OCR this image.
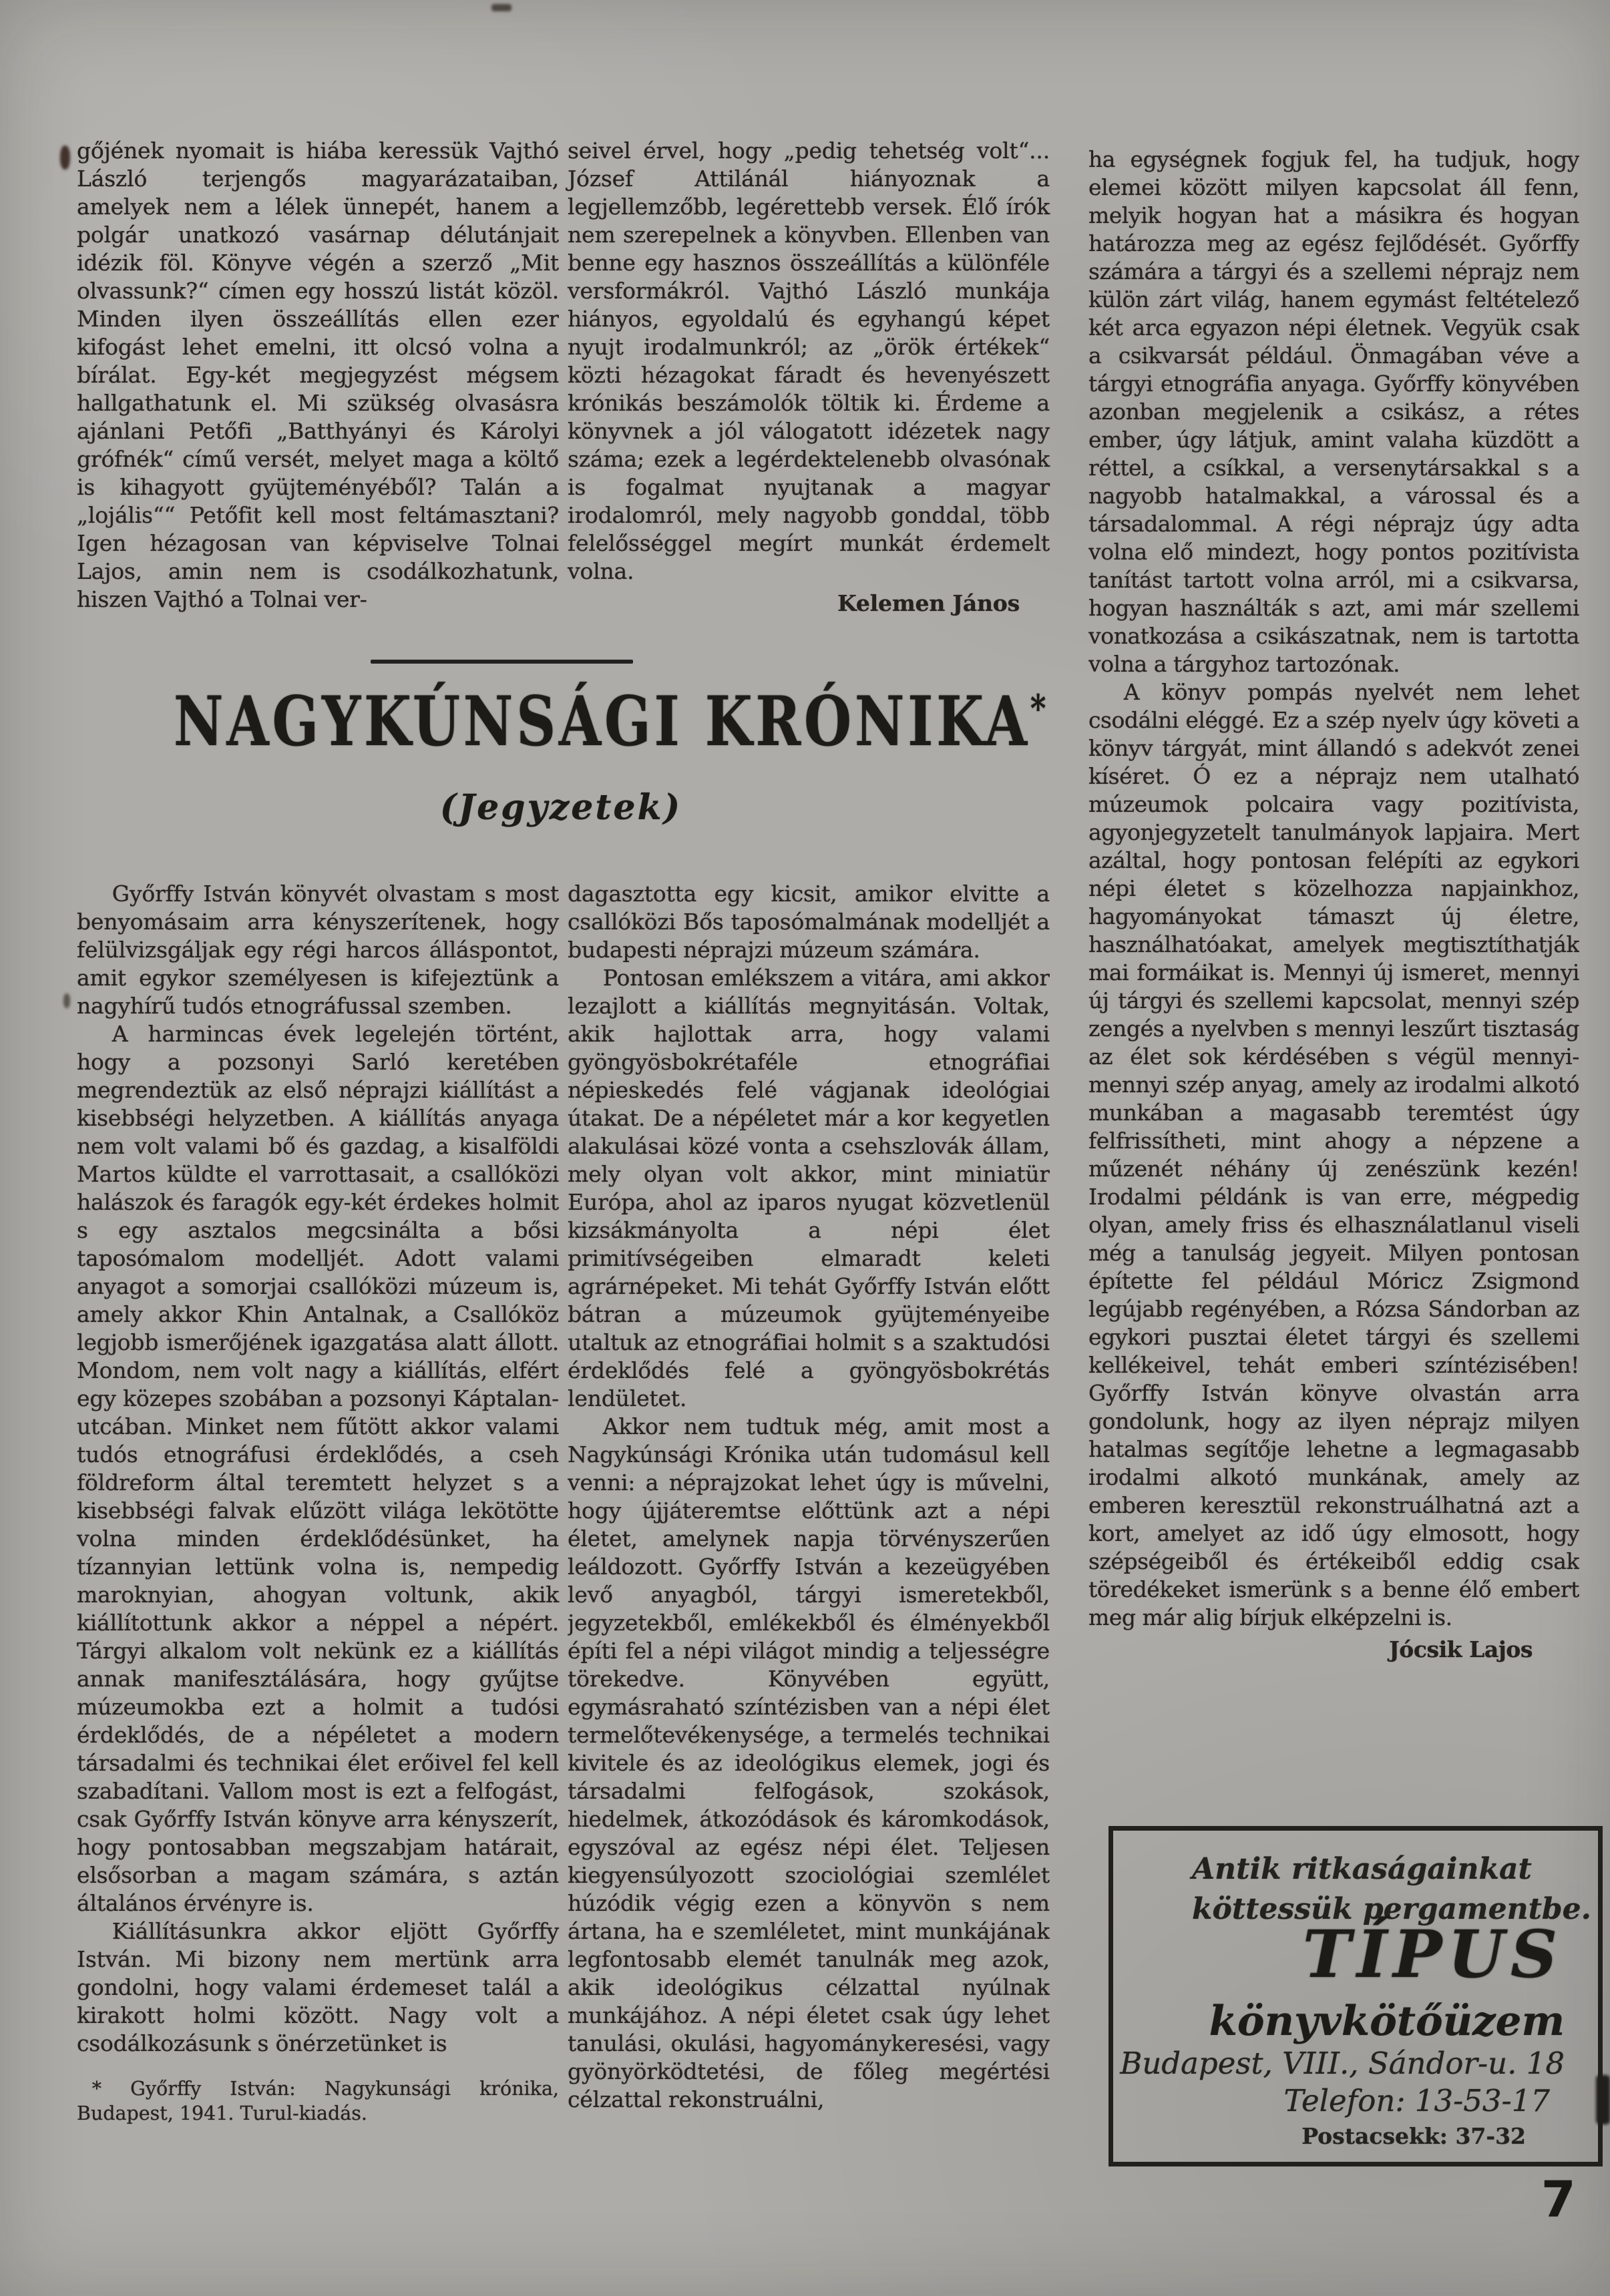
gőjének nyomait is hiába keressük Vajthó László terjengős magyarázataiban, amelyek nem a lélek ünnepét, hanem a polgár unatkozó vasárnap délutánjait idézik föl. Könyve végén a szerző „Mit olvassunk?“ címen egy hosszú listát közöl. Minden ilyen összeállítás ellen ezer kifogást lehet emelni, itt olcsó volna a bírálat. Egy-két megjegyzést mégsem hallgathatunk el. Mi szükség olvasásra ajánlani Petőfi „Batthyányi és Károlyi grófnék“ című versét, melyet maga a költő is kihagyott gyüjteményéből? Talán a „lojális““ Petőfit kell most feltámasztani? Igen hézagosan van képviselve Tolnai Lajos, amin nem is csodálkozhatunk, hiszen Vajthó a Tolnai ver-

seivel érvel, hogy „pedig tehetség volt“... József Attilánál hiányoznak a legjellemzőbb, legérettebb versek. Élő írók nem szerepelnek a könyvben. Ellenben van benne egy hasznos összeállítás a különféle versformákról. Vajthó László munkája hiányos, egyoldalú és egyhangú képet nyujt irodalmunkról; az „örök értékek“ közti hézagokat fáradt és hevenyészett krónikás beszámolók töltik ki. Érdeme a könyvnek a jól válogatott idézetek nagy száma; ezek a legérdektelenebb olvasónak is fogalmat nyujtanak a magyar irodalomról, mely nagyobb gonddal, több felelősséggel megírt munkát érdemelt volna.

Kelemen János
NAGYKÚNSÁGI KRÓNIKA*
(Jegyzetek)

Győrffy István könyvét olvastam s most benyomásaim arra kényszerítenek, hogy felülvizsgáljak egy régi harcos álláspontot, amit egykor személyesen is kifejeztünk a nagyhírű tudós etnográfussal szemben.

A harmincas évek legelején történt, hogy a pozsonyi Sarló keretében megrendeztük az első néprajzi kiállítást a kisebbségi helyzetben. A kiállítás anyaga nem volt valami bő és gazdag, a kisalföldi Martos küldte el varrottasait, a csallóközi halászok és faragók egy-két érdekes holmit s egy asztalos megcsinálta a bősi taposómalom modelljét. Adott valami anyagot a somorjai csallóközi múzeum is, amely akkor Khin Antalnak, a Csallóköz legjobb ismerőjének igazgatása alatt állott. Mondom, nem volt nagy a kiállítás, elfért egy közepes szobában a pozsonyi Káptalan-utcában. Minket nem fűtött akkor valami tudós etnográfusi érdeklődés, a cseh földreform által teremtett helyzet s a kisebbségi falvak elűzött világa lekötötte volna minden érdeklődésünket, ha tízannyian lettünk volna is, nempedig maroknyian, ahogyan voltunk, akik kiállítottunk akkor a néppel a népért. Tárgyi alkalom volt nekünk ez a kiállítás annak manifesztálására, hogy gyűjtse múzeumokba ezt a holmit a tudósi érdeklődés, de a népéletet a modern társadalmi és technikai élet erőivel fel kell szabadítani. Vallom most is ezt a felfogást, csak Győrffy István könyve arra kényszerít, hogy pontosabban megszabjam határait, elsősorban a magam számára, s aztán általános érvényre is.

Kiállításunkra akkor eljött Győrffy István. Mi bizony nem mertünk arra gondolni, hogy valami érdemeset talál a kirakott holmi között. Nagy volt a csodálkozásunk s önérzetünket is

* Győrffy István: Nagykunsági krónika, Budapest, 1941. Turul-kiadás.

dagasztotta egy kicsit, amikor elvitte a csallóközi Bős taposómalmának modelljét a budapesti néprajzi múzeum számára.

Pontosan emlékszem a vitára, ami akkor lezajlott a kiállítás megnyitásán. Voltak, akik hajlottak arra, hogy valami gyöngyösbokrétaféle etnográfiai népieskedés felé vágjanak ideológiai útakat. De a népéletet már a kor kegyetlen alakulásai közé vonta a csehszlovák állam, mely olyan volt akkor, mint miniatür Európa, ahol az iparos nyugat közvetlenül kizsákmányolta a népi élet primitívségeiben elmaradt keleti agrárnépeket. Mi tehát Győrffy István előtt bátran a múzeumok gyüjteményeibe utaltuk az etnográfiai holmit s a szaktudósi érdeklődés felé a gyöngyösbokrétás lendületet.

Akkor nem tudtuk még, amit most a Nagykúnsági Krónika után tudomásul kell venni: a néprajzokat lehet úgy is művelni, hogy újjáteremtse előttünk azt a népi életet, amelynek napja törvényszerűen leáldozott. Győrffy István a kezeügyében levő anyagból, tárgyi ismeretekből, jegyzetekből, emlékekből és élményekből építi fel a népi világot mindig a teljességre törekedve. Könyvében együtt, egymásraható színtézisben van a népi élet termelőtevékenysége, a termelés technikai kivitele és az ideológikus elemek, jogi és társadalmi felfogások, szokások, hiedelmek, átkozódások és káromkodások, egyszóval az egész népi élet. Teljesen kiegyensúlyozott szociológiai szemlélet húzódik végig ezen a könyvön s nem ártana, ha e szemléletet, mint munkájának legfontosabb elemét tanulnák meg azok, akik ideológikus célzattal nyúlnak munkájához. A népi életet csak úgy lehet tanulási, okulási, hagyománykeresési, vagy gyönyörködtetési, de főleg megértési célzattal rekonstruálni,

ha egységnek fogjuk fel, ha tudjuk, hogy elemei között milyen kapcsolat áll fenn, melyik hogyan hat a másikra és hogyan határozza meg az egész fejlődését. Győrffy számára a tárgyi és a szellemi néprajz nem külön zárt világ, hanem egymást feltételező két arca egyazon népi életnek. Vegyük csak a csikvarsát például. Önmagában véve a tárgyi etnográfia anyaga. Győrffy könyvében azonban megjelenik a csikász, a rétes ember, úgy látjuk, amint valaha küzdött a réttel, a csíkkal, a versenytársakkal s a nagyobb hatalmakkal, a várossal és a társadalommal. A régi néprajz úgy adta volna elő mindezt, hogy pontos pozitívista tanítást tartott volna arról, mi a csikvarsa, hogyan használták s azt, ami már szellemi vonatkozása a csikászatnak, nem is tartotta volna a tárgyhoz tartozónak.

A könyv pompás nyelvét nem lehet csodálni eléggé. Ez a szép nyelv úgy követi a könyv tárgyát, mint állandó s adekvót zenei kíséret. Ó ez a néprajz nem utalható múzeumok polcaira vagy pozitívista, agyonjegyzetelt tanulmányok lapjaira. Mert azáltal, hogy pontosan felépíti az egykori népi életet s közelhozza napjainkhoz, hagyományokat támaszt új életre, használhatóakat, amelyek megtisztíthatják mai formáikat is. Mennyi új ismeret, mennyi új tárgyi és szellemi kapcsolat, mennyi szép zengés a nyelvben s mennyi leszűrt tisztaság az élet sok kérdésében s végül mennyi-mennyi szép anyag, amely az irodalmi alkotó munkában a magasabb teremtést úgy felfrissítheti, mint ahogy a népzene a műzenét néhány új zenészünk kezén! Irodalmi példánk is van erre, mégpedig olyan, amely friss és elhasználatlanul viseli még a tanulság jegyeit. Milyen pontosan építette fel például Móricz Zsigmond legújabb regényében, a Rózsa Sándorban az egykori pusztai életet tárgyi és szellemi kellékeivel, tehát emberi színtézisében! Győrffy István könyve olvastán arra gondolunk, hogy az ilyen néprajz milyen hatalmas segítője lehetne a legmagasabb irodalmi alkotó munkának, amely az emberen keresztül rekonstruálhatná azt a kort, amelyet az idő úgy elmosott, hogy szépségeiből és értékeiből eddig csak töredékeket ismerünk s a benne élő embert meg már alig bírjuk elképzelni is.

Jócsik Lajos

Antik ritkaságainkat
köttessük pergamentbe.

TÍPUS
könyvkötőüzem
Budapest, VIII., Sándor-u. 18
Telefon: 13-53-17
Postacsekk: 37-32
7
